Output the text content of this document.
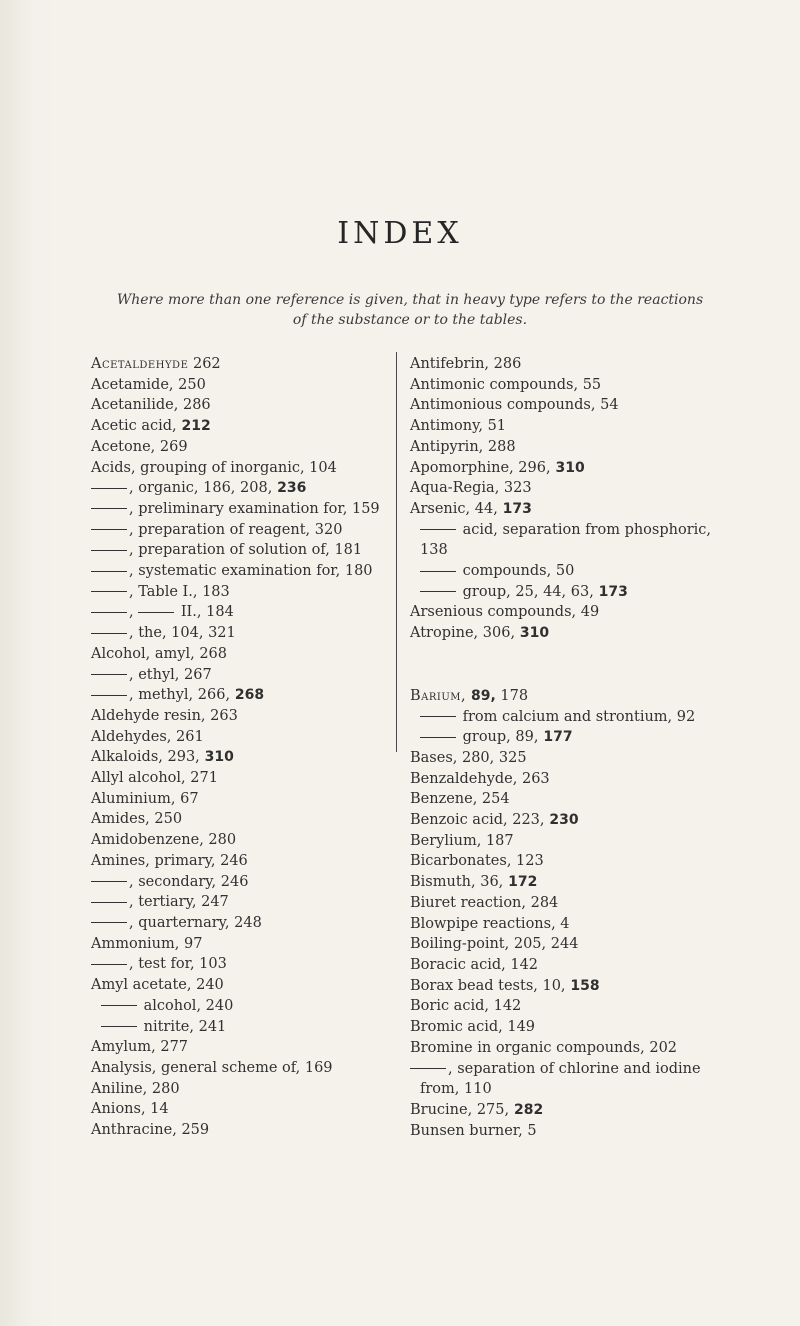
INDEX
Where more than one reference is given, that in heavy type refers to the reactions of the substance or to the tables.
Acetaldehyde 262
Acetamide, 250
Acetanilide, 286
Acetic acid, 212
Acetone, 269
Acids, grouping of inorganic, 104
, organic, 186, 208, 236
, preliminary examination for, 159
, preparation of reagent, 320
, preparation of solution of, 181
, systematic examination for, 180
, Table I., 183
,	II., 184
, the, 104, 321
Alcohol, amyl, 268
, ethyl, 267
, methyl, 266, 268
Aldehyde resin, 263
Aldehydes, 261
Alkaloids, 293, 310
Allyl alcohol, 271
Aluminium, 67
Amides, 250
Amidobenzene, 280
Amines, primary, 246
, secondary, 246
, tertiary, 247
, quarternary, 248
Ammonium, 97
, test for, 103
Amyl acetate, 240
alcohol, 240
nitrite, 241
Amylum, 277
Analysis, general scheme of, 169
Aniline, 280
Anions, 14
Anthracine, 259
Antifebrin, 286
Antimonic compounds, 55
Antimonious compounds, 54
Antimony, 51
Antipyrin, 288
Apomorphine, 296, 310
Aqua-Regia, 323
Arsenic, 44, 173
acid, separation from phosphoric,
138
compounds, 50
group, 25, 44, 63, 173
Arsenious compounds, 49
Atropine, 306, 310
Barium, 89, 178
from calcium and strontium, 92
group, 89, 177
Bases, 280, 325
Benzaldehyde, 263
Benzene, 254
Benzoic acid, 223, 230
Berylium, 187
Bicarbonates, 123
Bismuth, 36, 172
Biuret reaction, 284
Blowpipe reactions, 4
Boiling-point, 205, 244
Boracic acid, 142
Borax bead tests, 10, 158
Boric acid, 142
Bromic acid, 149
Bromine in organic compounds, 202
, separation of chlorine and iodine
from, 110
Brucine, 275, 282
Bunsen burner, 5
